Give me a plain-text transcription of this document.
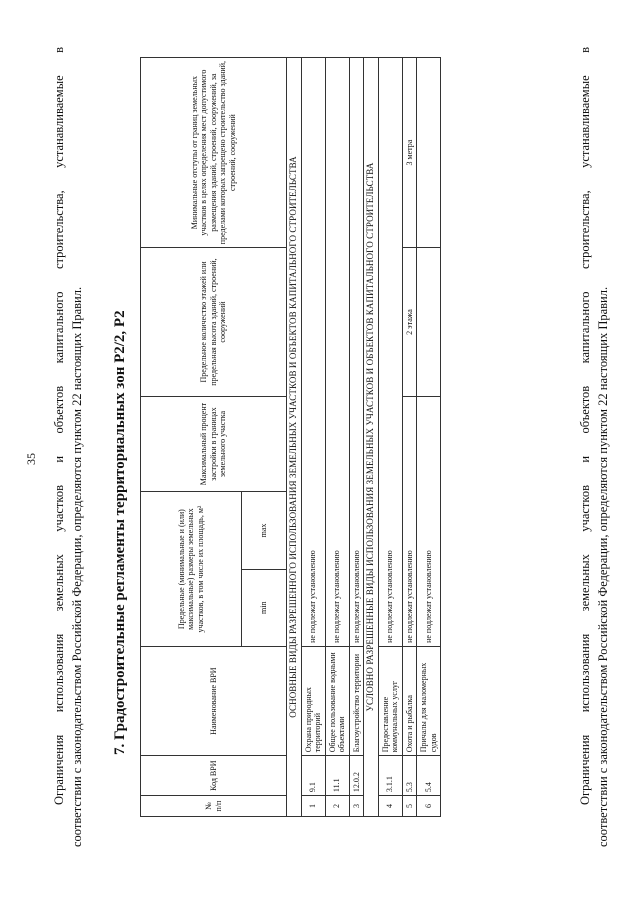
35 Ограничения использования земельных участков и объектов капитального строительства, устанавливаемые в соответствии с законодательством Российской Федерации, определяются пунктом 22 настоящих Правил. 7. Градостроительные регламенты территориальных зон Р2/2, Р2
№ п/п	Код ВРИ	Наименование ВРИ	Предельные (минимальные и (или) максимальные) размеры земельных участков, в том числе их площадь, м²		Максимальный процент застройки в границах земельного участка	Предельное количество этажей или предельная высота зданий, строений, сооружений	Минимальные отступы от границ земельных участков в целях определения мест допустимого размещения зданий, строений, сооружений, за пределами которых запрещено строительство зданий, строений, сооружений
			min	max			
ОСНОВНЫЕ ВИДЫ РАЗРЕШЕННОГО ИСПОЛЬЗОВАНИЯ ЗЕМЕЛЬНЫХ УЧАСТКОВ И ОБЪЕКТОВ КАПИТАЛЬНОГО СТРОИТЕЛЬСТВА							
1	9.1	Охрана природных территорий	не подлежат установлению				
2	11.1	Общее пользование водными объектами	не подлежат установлению				
3	12.0.2	Благоустройство территории	не подлежат установлению				
УСЛОВНО РАЗРЕШЕННЫЕ ВИДЫ ИСПОЛЬЗОВАНИЯ ЗЕМЕЛЬНЫХ УЧАСТКОВ И ОБЪЕКТОВ КАПИТАЛЬНОГО СТРОИТЕЛЬСТВА							
4	3.1.1	Предоставление коммунальных услуг	не подлежат установлению				
5	5.3	Охота и рыбалка	не подлежат установлению			2 этажа	3 метра
6	5.4	Причалы для маломерных судов	не подлежат установлению					Ограничения использования земельных участков и объектов капитального строительства, устанавливаемые в соответствии с законодательством Российской Федерации, определяются пунктом 22 настоящих Правил.
